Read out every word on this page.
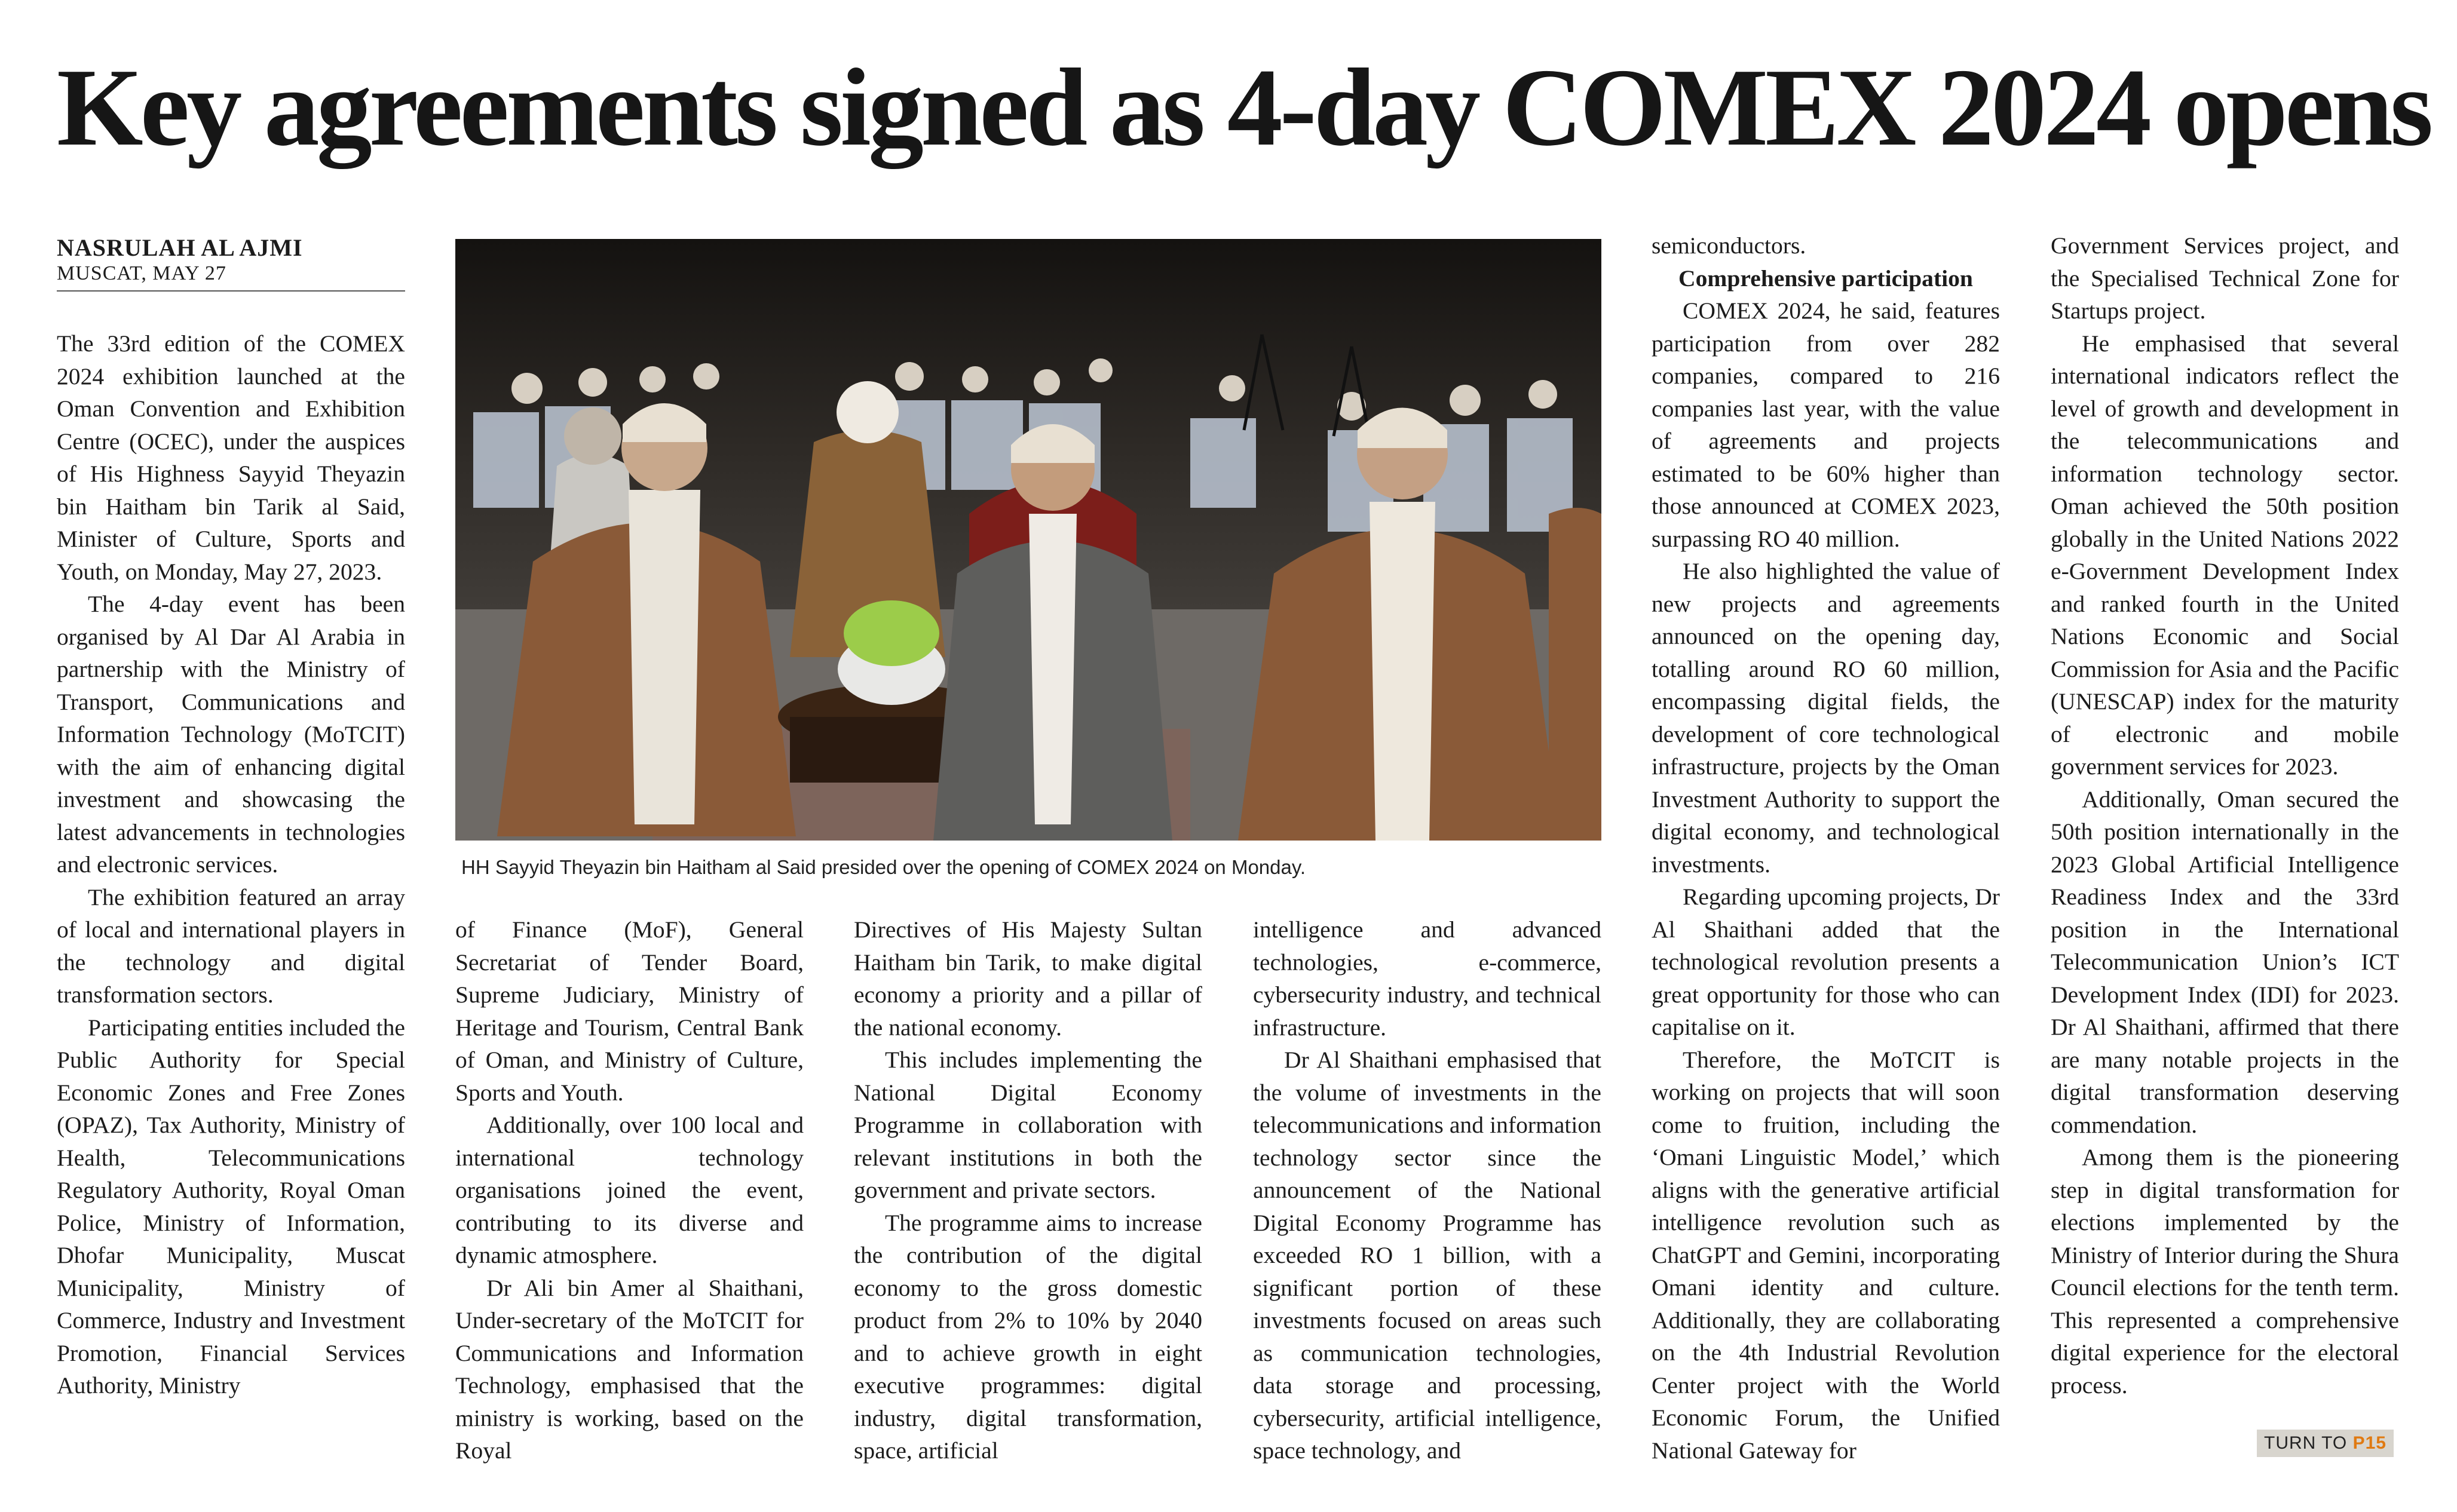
Key agreements signed as 4-day COMEX 2024 opens
NASRULAH AL AJMI
MUSCAT, MAY 27

The 33rd edition of the COMEX 2024 exhibition launched at the Oman Convention and Exhibition Centre (OCEC), under the auspices of His Highness Sayyid Theyazin bin Haitham bin Tarik al Said, Minister of Culture, Sports and Youth, on Monday, May 27, 2023.

The 4-day event has been organised by Al Dar Al Arabia in partnership with the Ministry of Transport, Communications and Information Technology (MoTCIT) with the aim of enhancing digital investment and showcasing the latest advancements in technologies and electronic services.

The exhibition featured an array of local and international players in the technology and digital transformation sectors.

Participating entities included the Public Authority for Special Economic Zones and Free Zones (OPAZ), Tax Authority, Ministry of Health, Telecommunications Regulatory Authority, Royal Oman Police, Ministry of Information, Dhofar Municipality, Muscat Municipality, Ministry of Commerce, Industry and Investment Promotion, Financial Services Authority, Ministry

HH Sayyid Theyazin bin Haitham al Said presided over the opening of COMEX 2024 on Monday.

of Finance (MoF), General Secretariat of Tender Board, Supreme Judiciary, Ministry of Heritage and Tourism, Central Bank of Oman, and Ministry of Culture, Sports and Youth.

Additionally, over 100 local and international technology organisations joined the event, contributing to its diverse and dynamic atmosphere.

Dr Ali bin Amer al Shaithani, Under-secretary of the MoTCIT for Communications and Information Technology, emphasised that the ministry is working, based on the Royal

Directives of His Majesty Sultan Haitham bin Tarik, to make digital economy a priority and a pillar of the national economy.

This includes implementing the National Digital Economy Programme in collaboration with relevant institutions in both the government and private sectors.

The programme aims to increase the contribution of the digital economy to the gross domestic product from 2% to 10% by 2040 and to achieve growth in eight executive programmes: digital industry, digital transformation, space, artificial

intelligence and advanced technologies, e-commerce, cybersecurity industry, and technical infrastructure.

Dr Al Shaithani emphasised that the volume of investments in the telecommunications and information technology sector since the announcement of the National Digital Economy Programme has exceeded RO 1 billion, with a significant portion of these investments focused on areas such as communication technologies, data storage and processing, cybersecurity, artificial intelligence, space technology, and

semiconductors.

Comprehensive participation

COMEX 2024, he said, features participation from over 282 companies, compared to 216 companies last year, with the value of agreements and projects estimated to be 60% higher than those announced at COMEX 2023, surpassing RO 40 million.

He also highlighted the value of new projects and agreements announced on the opening day, totalling around RO 60 million, encompassing digital fields, the development of core technological infrastructure, projects by the Oman Investment Authority to support the digital economy, and technological investments.

Regarding upcoming projects, Dr Al Shaithani added that the technological revolution presents a great opportunity for those who can capitalise on it.

Therefore, the MoTCIT is working on projects that will soon come to fruition, including the ‘Omani Linguistic Model,’ which aligns with the generative artificial intelligence revolution such as ChatGPT and Gemini, incorporating Omani identity and culture. Additionally, they are collaborating on the 4th Industrial Revolution Center project with the World Economic Forum, the Unified National Gateway for

Government Services project, and the Specialised Technical Zone for Startups project.

He emphasised that several international indicators reflect the level of growth and development in the telecommunications and information technology sector. Oman achieved the 50th position globally in the United Nations 2022 e-Government Development Index and ranked fourth in the United Nations Economic and Social Commission for Asia and the Pacific (UNESCAP) index for the maturity of electronic and mobile government services for 2023.

Additionally, Oman secured the 50th position internationally in the 2023 Global Artificial Intelligence Readiness Index and the 33rd position in the International Telecommunication Union’s ICT Development Index (IDI) for 2023. Dr Al Shaithani, affirmed that there are many notable projects in the digital transformation deserving commendation.

Among them is the pioneering step in digital transformation for elections implemented by the Ministry of Interior during the Shura Council elections for the tenth term. This represented a comprehensive digital experience for the electoral process.

TURN TO P15
